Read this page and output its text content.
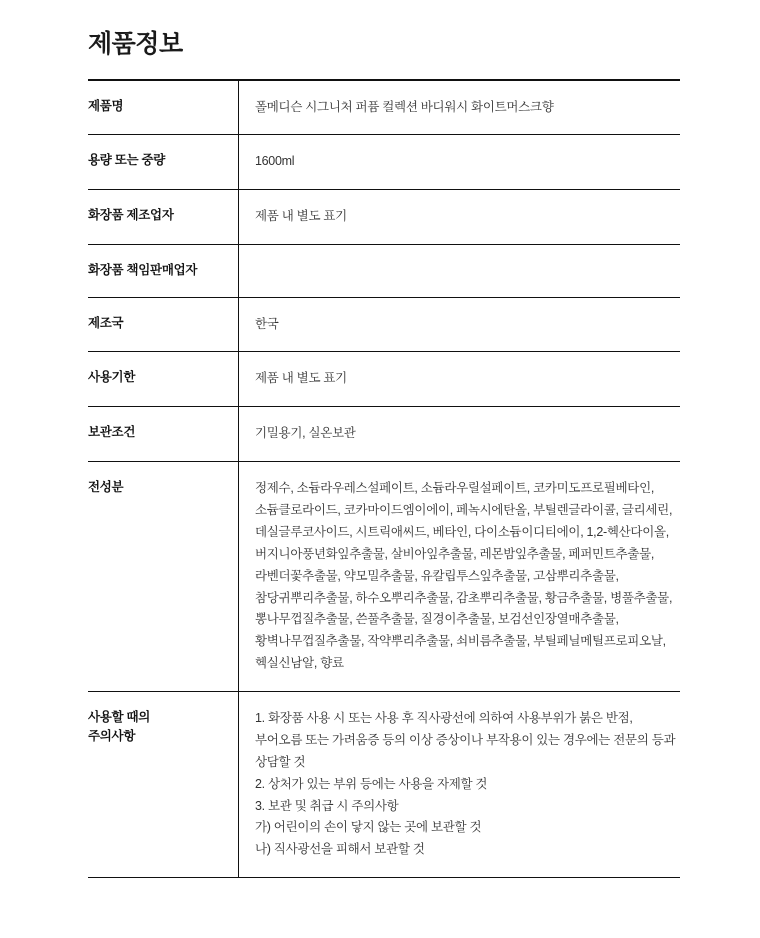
제품정보
제품명	폴메디슨 시그니처 퍼퓸 컬렉션 바디워시 화이트머스크향

용량 또는 중량	1600ml

화장품 제조업자	제품 내 별도 표기

화장품 책임판매업자	

제조국	한국

사용기한	제품 내 별도 표기

보관조건	기밀용기, 실온보관

전성분	정제수, 소듐라우레스설페이트, 소듐라우릴설페이트, 코카미도프로필베타인, 소듐클로라이드, 코카마이드엠이에이, 페녹시에탄올, 부틸렌글라이콜, 글리세린, 데실글루코사이드, 시트릭애씨드, 베타인, 다이소듐이디티에이, 1,2-헥산다이올, 버지니아풍년화잎추출물, 살비아잎추출물, 레몬밤잎추출물, 페퍼민트추출물, 라벤더꽃추출물, 약모밀추출물, 유칼립투스잎추출물, 고삼뿌리추출물, 참당귀뿌리추출물, 하수오뿌리추출물, 감초뿌리추출물, 황금추출물, 병풀추출물, 뽕나무껍질추출물, 쓴풀추출물, 질경이추출물, 보검선인장열매추출물, 황벽나무껍질추출물, 작약뿌리추출물, 쇠비름추출물, 부틸페닐메틸프로피오날, 헥실신남알, 향료

사용할 때의
주의사항	1. 화장품 사용 시 또는 사용 후 직사광선에 의하여 사용부위가 붉은 반점, 부어오름 또는 가려움증 등의 이상 증상이나 부작용이 있는 경우에는 전문의 등과 상담할 것
2. 상처가 있는 부위 등에는 사용을 자제할 것
3. 보관 및 취급 시 주의사항
가) 어린이의 손이 닿지 않는 곳에 보관할 것
나) 직사광선을 피해서 보관할 것
